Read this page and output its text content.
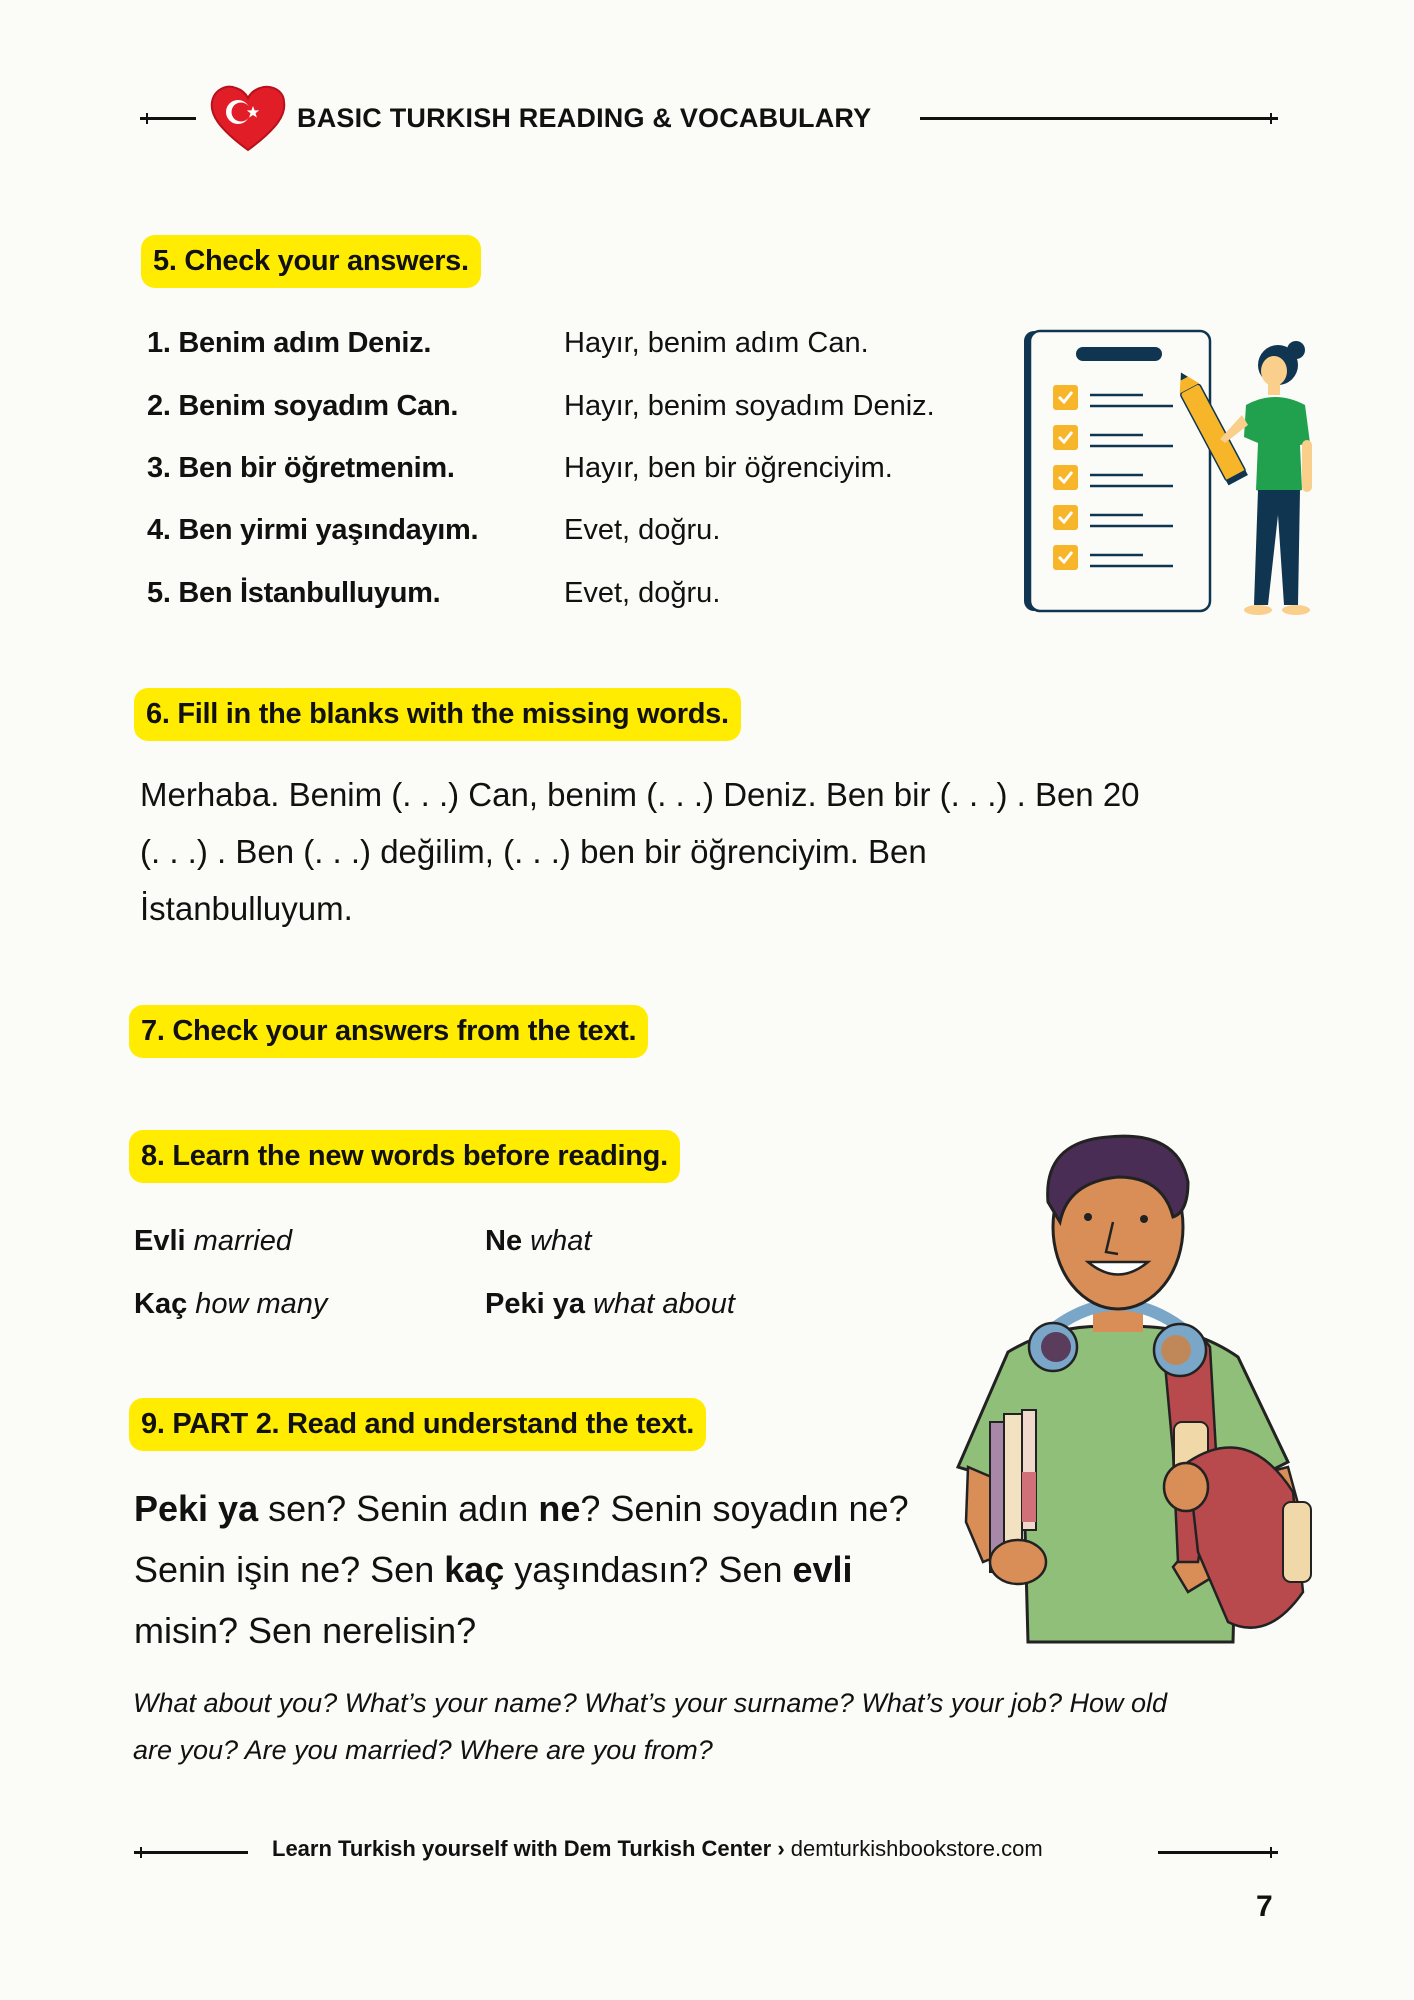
BASIC TURKISH READING & VOCABULARY
5. Check your answers.
1. Benim adım Deniz.	Hayır, benim adım Can.
2. Benim soyadım Can.	Hayır, benim soyadım Deniz.
3. Ben bir öğretmenim.	Hayır, ben bir öğrenciyim.
4. Ben yirmi yaşındayım.	Evet, doğru.
5. Ben İstanbulluyum.	Evet, doğru.
6. Fill in the blanks with the missing words.
Merhaba. Benim (. . .) Can, benim (. . .) Deniz. Ben bir (. . .) . Ben 20
(. . .) . Ben (. . .) değilim, (. . .) ben bir öğrenciyim. Ben
İstanbulluyum.
7. Check your answers from the text.
8. Learn the new words before reading.
Evli married	Ne what
Kaç how many	Peki ya what about
9. PART 2. Read and understand the text.
Peki ya sen? Senin adın ne? Senin soyadın ne? Senin işin ne? Sen kaç yaşındasın? Sen evli misin? Sen nerelisin?
What about you? What’s your name? What’s your surname? What’s your job? How old are you? Are you married? Where are you from?
Learn Turkish yourself with Dem Turkish Center › demturkishbookstore.com
7
